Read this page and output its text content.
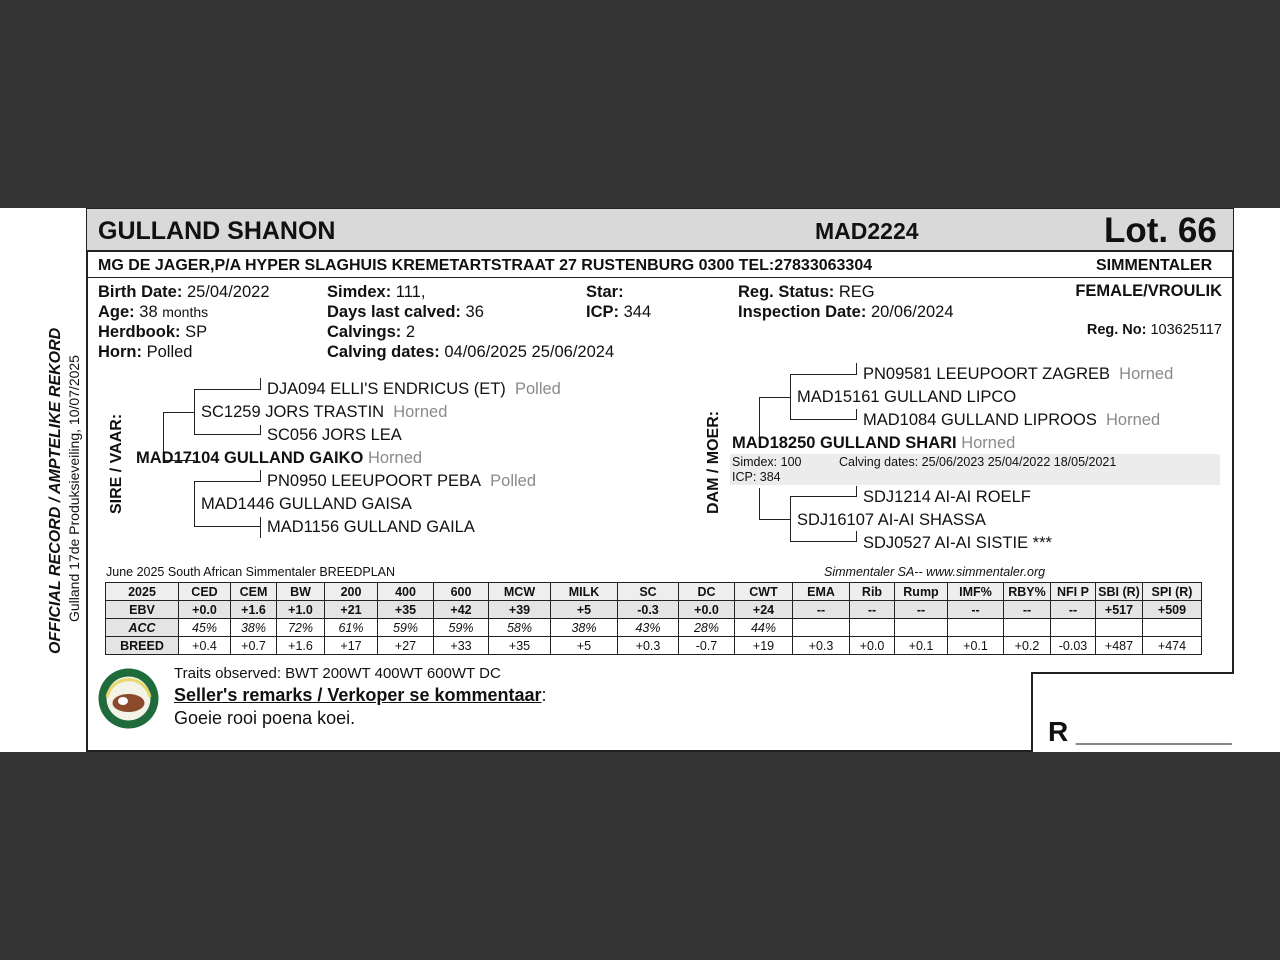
GULLAND SHANON	MAD2224	Lot. 66
MG DE JAGER,P/A HYPER SLAGHUIS KREMETARTSTRAAT 27 RUSTENBURG 0300 TEL:27833063304	SIMMENTALER
Birth Date: 25/04/2022
Age: 38 months
Herdbook: SP
Horn: Polled
Simdex: 111,
Days last calved: 36
Calvings: 2
Calving dates: 04/06/2025 25/06/2024
Star:
ICP: 344
Reg. Status: REG
Inspection Date: 20/06/2024
FEMALE/VROULIK
Reg. No: 103625117
OFFICIAL RECORD / AMPTELIKE REKORD Gulland 17de Produksieveiling, 10/07/2025 SIRE / VAAR:
DJA094 ELLI'S ENDRICUS (ET) Polled
SC1259 JORS TRASTIN Horned
SC056 JORS LEA
MAD17104 GULLAND GAIKO Horned
PN0950 LEEUPOORT PEBA Polled
MAD1446 GULLAND GAISA
MAD1156 GULLAND GAILA
DAM / MOER:
PN09581 LEEUPOORT ZAGREB Horned
MAD15161 GULLAND LIPCO
MAD1084 GULLAND LIPROOS Horned
MAD18250 GULLAND SHARI Horned
Simdex: 100	Calving dates: 25/06/2023 25/04/2022 18/05/2021
ICP: 384
SDJ1214 AI-AI ROELF
SDJ16107 AI-AI SHASSA
SDJ0527 AI-AI SISTIE ***
June 2025 South African Simmentaler BREEDPLAN	Simmentaler SA-- www.simmentaler.org
2025	CED	CEM	BW	200	400	600	MCW	MILK	SC	DC	CWT	EMA	Rib	Rump	IMF%	RBY%	NFI P	SBI (R)	SPI (R)
EBV	+0.0	+1.6	+1.0	+21	+35	+42	+39	+5	-0.3	+0.0	+24	--	--	--	--	--	--	+517	+509
ACC	45%	38%	72%	61%	59%	59%	58%	38%	43%	28%	44%								
BREED	+0.4	+0.7	+1.6	+17	+27	+33	+35	+5	+0.3	-0.7	+19	+0.3	+0.0	+0.1	+0.1	+0.2	-0.03	+487	+474
Traits observed: BWT 200WT 400WT 600WT DC
Seller's remarks / Verkoper se kommentaar:
Goeie rooi poena koei.	R __________
